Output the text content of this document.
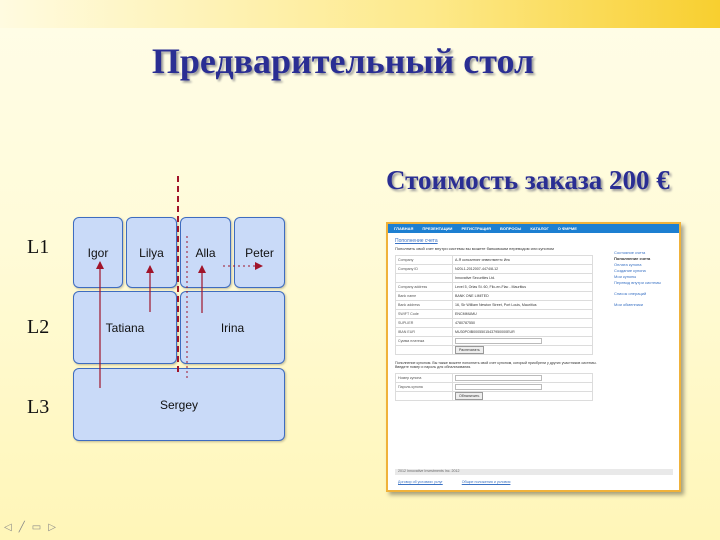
Предварительный стол
L1
L2
L3
Igor	Lilya	Alla	Peter
Tatiana	Irina
Sergey
Стоимость заказа 200 €
ГЛАВНАЯ ПРЕЗЕНТАЦИИ РЕГИСТРАЦИЯ ВОПРОСЫ КАТАЛОГ О ФИРМЕ
Пополнение счета
Пополнить свой счет внутри системы вы можете банковским переводом или купоном
Company	А-Я консалтинг инвестментс Инк
Company ID	N20L1-2012007-4474/8-12
	Innovative Securities Ltd.
Company address	Level 5, Orlas St. 60, Flic-en-Flac - Mauritius
Bank name	BANK ONE LIMITED
Bank address	16, Sir William Newton Street, Port Louis, Mauritius
SWIFT Code	ENCMMUMU
SUPLIER	4780787550
IBAN EUR	MU30POIB00055015437950000EUR
Сумма платежа	
	Распечатать
Пополнение купоном. Вы также можете пополнить свой счет купоном, который приобрели у других участников системы. Введите номер и пароль для обналичивания.
Номер купона	
Пароль купона	
	Обналичить
Состояние счета
Пополнение счета
Оплата купона
Создание купона
Мои купоны
Перевод внутри системы
Список операций
Мои обменники
2012 Innovative Investments Inc. 2012
Договор об условиях услуг	Общие положения и условия
◁ ╱ ▭ ▷
